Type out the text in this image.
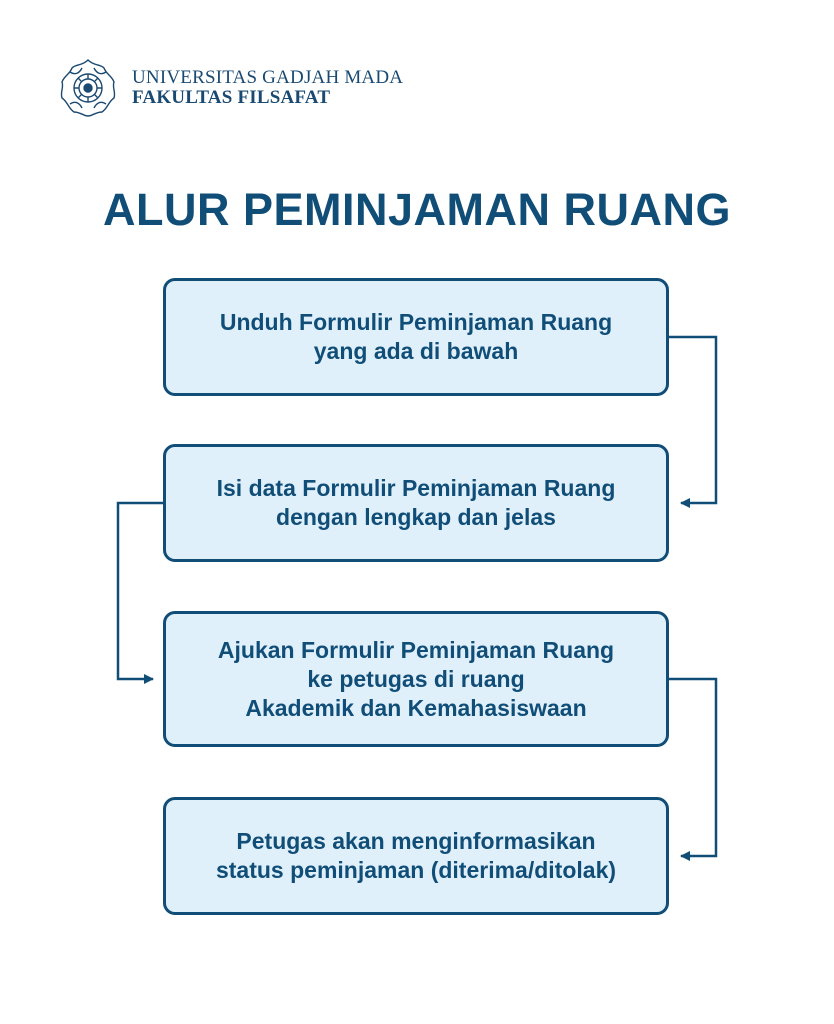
UNIVERSITAS GADJAH MADA
FAKULTAS FILSAFAT
ALUR PEMINJAMAN RUANG
Unduh Formulir Peminjaman Ruang
yang ada di bawah
Isi data Formulir Peminjaman Ruang
dengan lengkap dan jelas
Ajukan Formulir Peminjaman Ruang
ke petugas di ruang
Akademik dan Kemahasiswaan
Petugas akan menginformasikan
status peminjaman (diterima/ditolak)
